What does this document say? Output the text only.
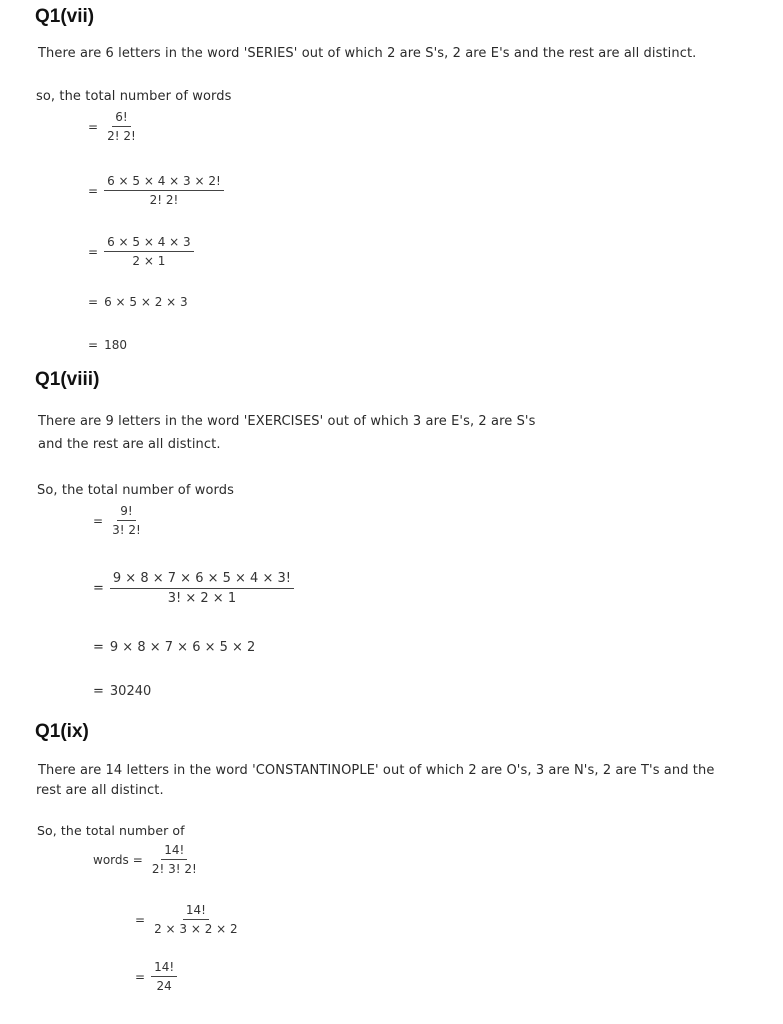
Q1(vii)

There are 6 letters in the word 'SERIES' out of which 2 are S's, 2 are E's and the rest are all distinct.

so, the total number of words

= $\frac{6!}{2! 2!}$
= $\frac{6 \times 5 \times 4 \times 3 \times 2!}{2! 2!}$
= $\frac{6 \times 5 \times 4 \times 3}{2 \times 1}$
= 6 × 5 × 2 × 3
= 180
Q1(viii)

There are 9 letters in the word 'EXERCISES' out of which 3 are E's, 2 are S's

and the rest are all distinct.

So, the total number of words

= $\frac{9!}{3! 2!}$
= $\frac{9 \times 8 \times 7 \times 6 \times 5 \times 4 \times 3!}{3! \times 2 \times 1}$
= 9 × 8 × 7 × 6 × 5 × 2
= 30240
Q1(ix)

There are 14 letters in the word 'CONSTANTINOPLE' out of which 2 are O's, 3 are N's, 2 are T's and the

rest are all distinct.

So, the total number of

words = $\frac{14!}{2! 3! 2!}$
= $\frac{14!}{2 \times 3 \times 2 \times 2}$
= $\frac{14!}{24}$
